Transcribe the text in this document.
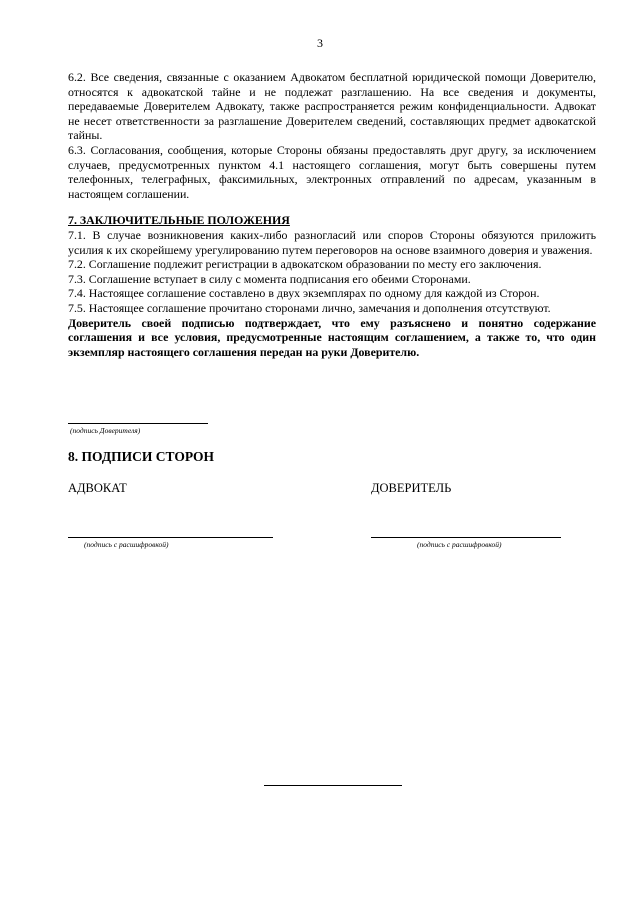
3

6.2. Все сведения, связанные с оказанием Адвокатом бесплатной юридической помощи Доверителю, относятся к адвокатской тайне и не подлежат разглашению. На все сведения и документы, передаваемые Доверителем Адвокату, также распространяется режим конфиденциальности. Адвокат не несет ответственности за разглашение Доверителем сведений, составляющих предмет адвокатской тайны.

6.3. Согласования, сообщения, которые Стороны обязаны предоставлять друг другу, за исключением случаев, предусмотренных пунктом 4.1 настоящего соглашения, могут быть совершены путем телефонных, телеграфных, факсимильных, электронных отправлений по адресам, указанным в настоящем соглашении.

7. ЗАКЛЮЧИТЕЛЬНЫЕ ПОЛОЖЕНИЯ

7.1. В случае возникновения каких-либо разногласий или споров Стороны обязуются приложить усилия к их скорейшему урегулированию путем переговоров на основе взаимного доверия и уважения.

7.2. Соглашение подлежит регистрации в адвокатском образовании по месту его заключения.

7.3. Соглашение вступает в силу с момента подписания его обеими Сторонами.

7.4. Настоящее соглашение составлено в двух экземплярах по одному для каждой из Сторон.

7.5. Настоящее соглашение прочитано сторонами лично, замечания и дополнения отсутствуют.

Доверитель своей подписью подтверждает, что ему разъяснено и понятно содержание соглашения и все условия, предусмотренные настоящим соглашением, а также то, что один экземпляр настоящего соглашения передан на руки Доверителю.

(подпись Доверителя)
8. ПОДПИСИ СТОРОН
АДВОКАТ	ДОВЕРИТЕЛЬ
(подпись с расшифровкой)	(подпись с расшифровкой)
